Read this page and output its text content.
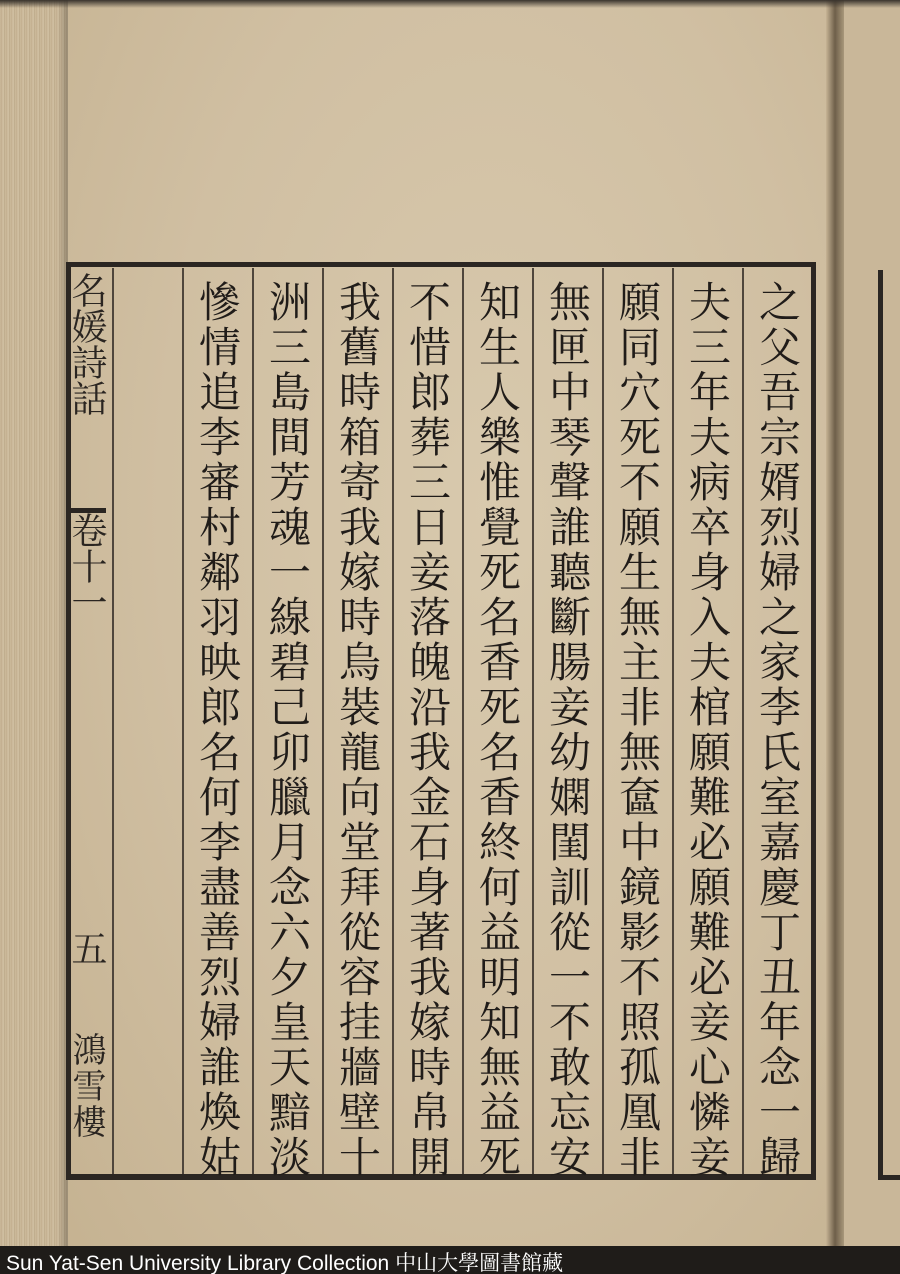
名媛詩話
卷十一
五
鴻雪樓	之父吾宗婿烈婦之家李氏室嘉慶丁丑年念一歸
夫三年夫病卒身入夫棺願難必願難必妾心憐妾
願同穴死不願生無主非無奩中鏡影不照孤凰非
無匣中琴聲誰聽斷腸妾幼嫻閨訓從一不敢忘安
知生人樂惟覺死名香死名香終何益明知無益死
不惜郎葬三日妾落魄沿我金石身著我嫁時帛開
我舊時箱寄我嫁時烏裝龍向堂拜從容挂牆壁十
洲三島間芳魂一線碧己卯臘月念六夕皇天黯淡
慘情追李審村鄰羽映郎名何李盡善烈婦誰煥姑
Sun Yat-Sen University Library Collection 中山大學圖書館藏
